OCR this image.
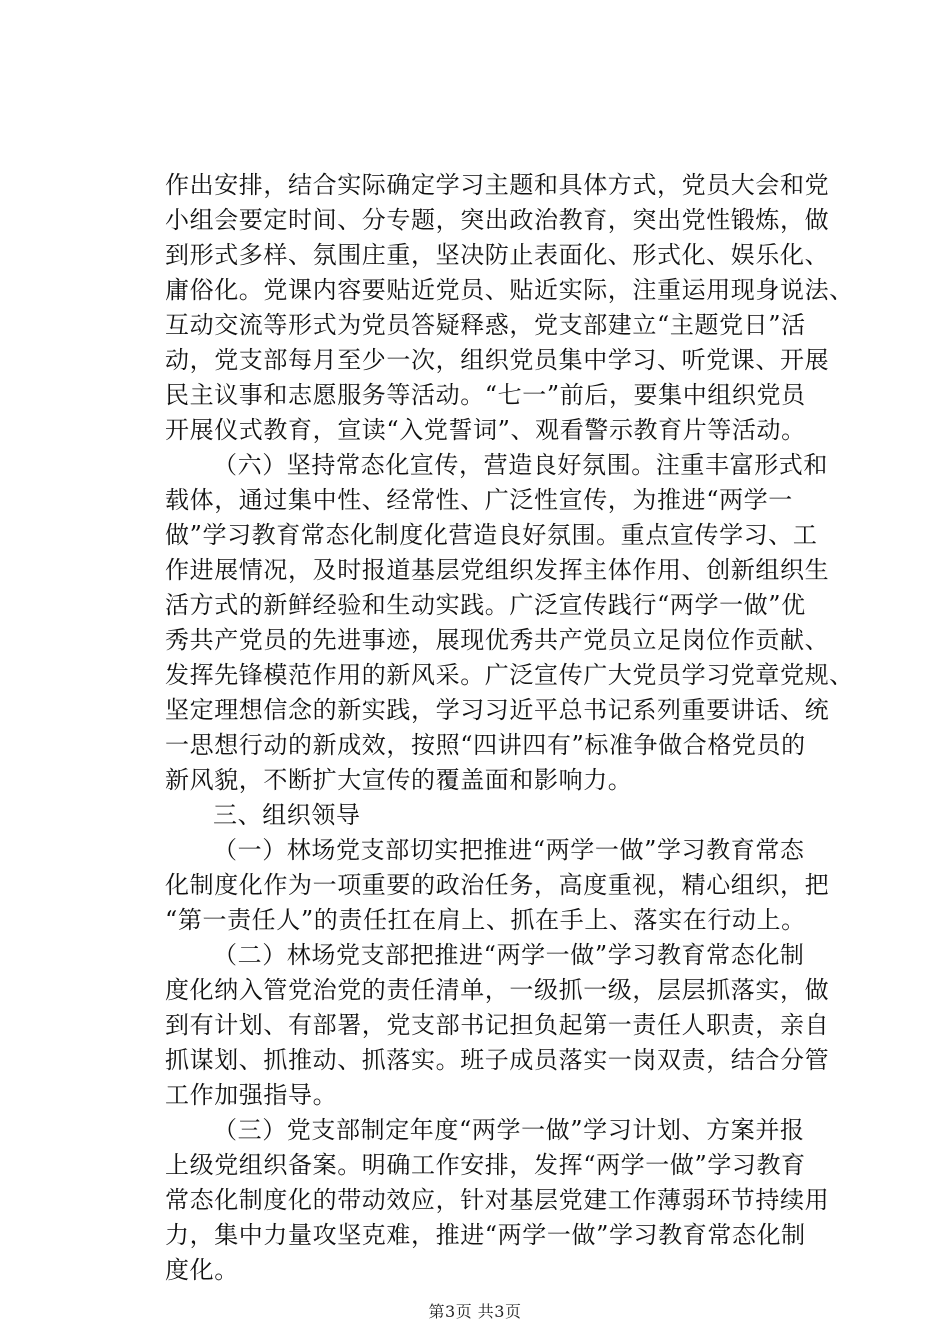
作出安排，结合实际确定学习主题和具体方式，党员大会和党
小组会要定时间、分专题，突出政治教育，突出党性锻炼，做
到形式多样、氛围庄重，坚决防止表面化、形式化、娱乐化、
庸俗化。党课内容要贴近党员、贴近实际，注重运用现身说法、
互动交流等形式为党员答疑释惑，党支部建立“主题党日”活
动，党支部每月至少一次，组织党员集中学习、听党课、开展
民主议事和志愿服务等活动。“七一”前后，要集中组织党员
开展仪式教育，宣读“入党誓词”、观看警示教育片等活动。
（六）坚持常态化宣传，营造良好氛围。注重丰富形式和
载体，通过集中性、经常性、广泛性宣传，为推进“两学一
做”学习教育常态化制度化营造良好氛围。重点宣传学习、工
作进展情况，及时报道基层党组织发挥主体作用、创新组织生
活方式的新鲜经验和生动实践。广泛宣传践行“两学一做”优
秀共产党员的先进事迹，展现优秀共产党员立足岗位作贡献、
发挥先锋模范作用的新风采。广泛宣传广大党员学习党章党规、
坚定理想信念的新实践，学习习近平总书记系列重要讲话、统
一思想行动的新成效，按照“四讲四有”标准争做合格党员的
新风貌，不断扩大宣传的覆盖面和影响力。
三、组织领导
（一）林场党支部切实把推进“两学一做”学习教育常态
化制度化作为一项重要的政治任务，高度重视，精心组织，把
“第一责任人”的责任扛在肩上、抓在手上、落实在行动上。
（二）林场党支部把推进“两学一做”学习教育常态化制
度化纳入管党治党的责任清单，一级抓一级，层层抓落实，做
到有计划、有部署，党支部书记担负起第一责任人职责，亲自
抓谋划、抓推动、抓落实。班子成员落实一岗双责，结合分管
工作加强指导。
（三）党支部制定年度“两学一做”学习计划、方案并报
上级党组织备案。明确工作安排，发挥“两学一做”学习教育
常态化制度化的带动效应，针对基层党建工作薄弱环节持续用
力，集中力量攻坚克难，推进“两学一做”学习教育常态化制
度化。
第3页 共3页
